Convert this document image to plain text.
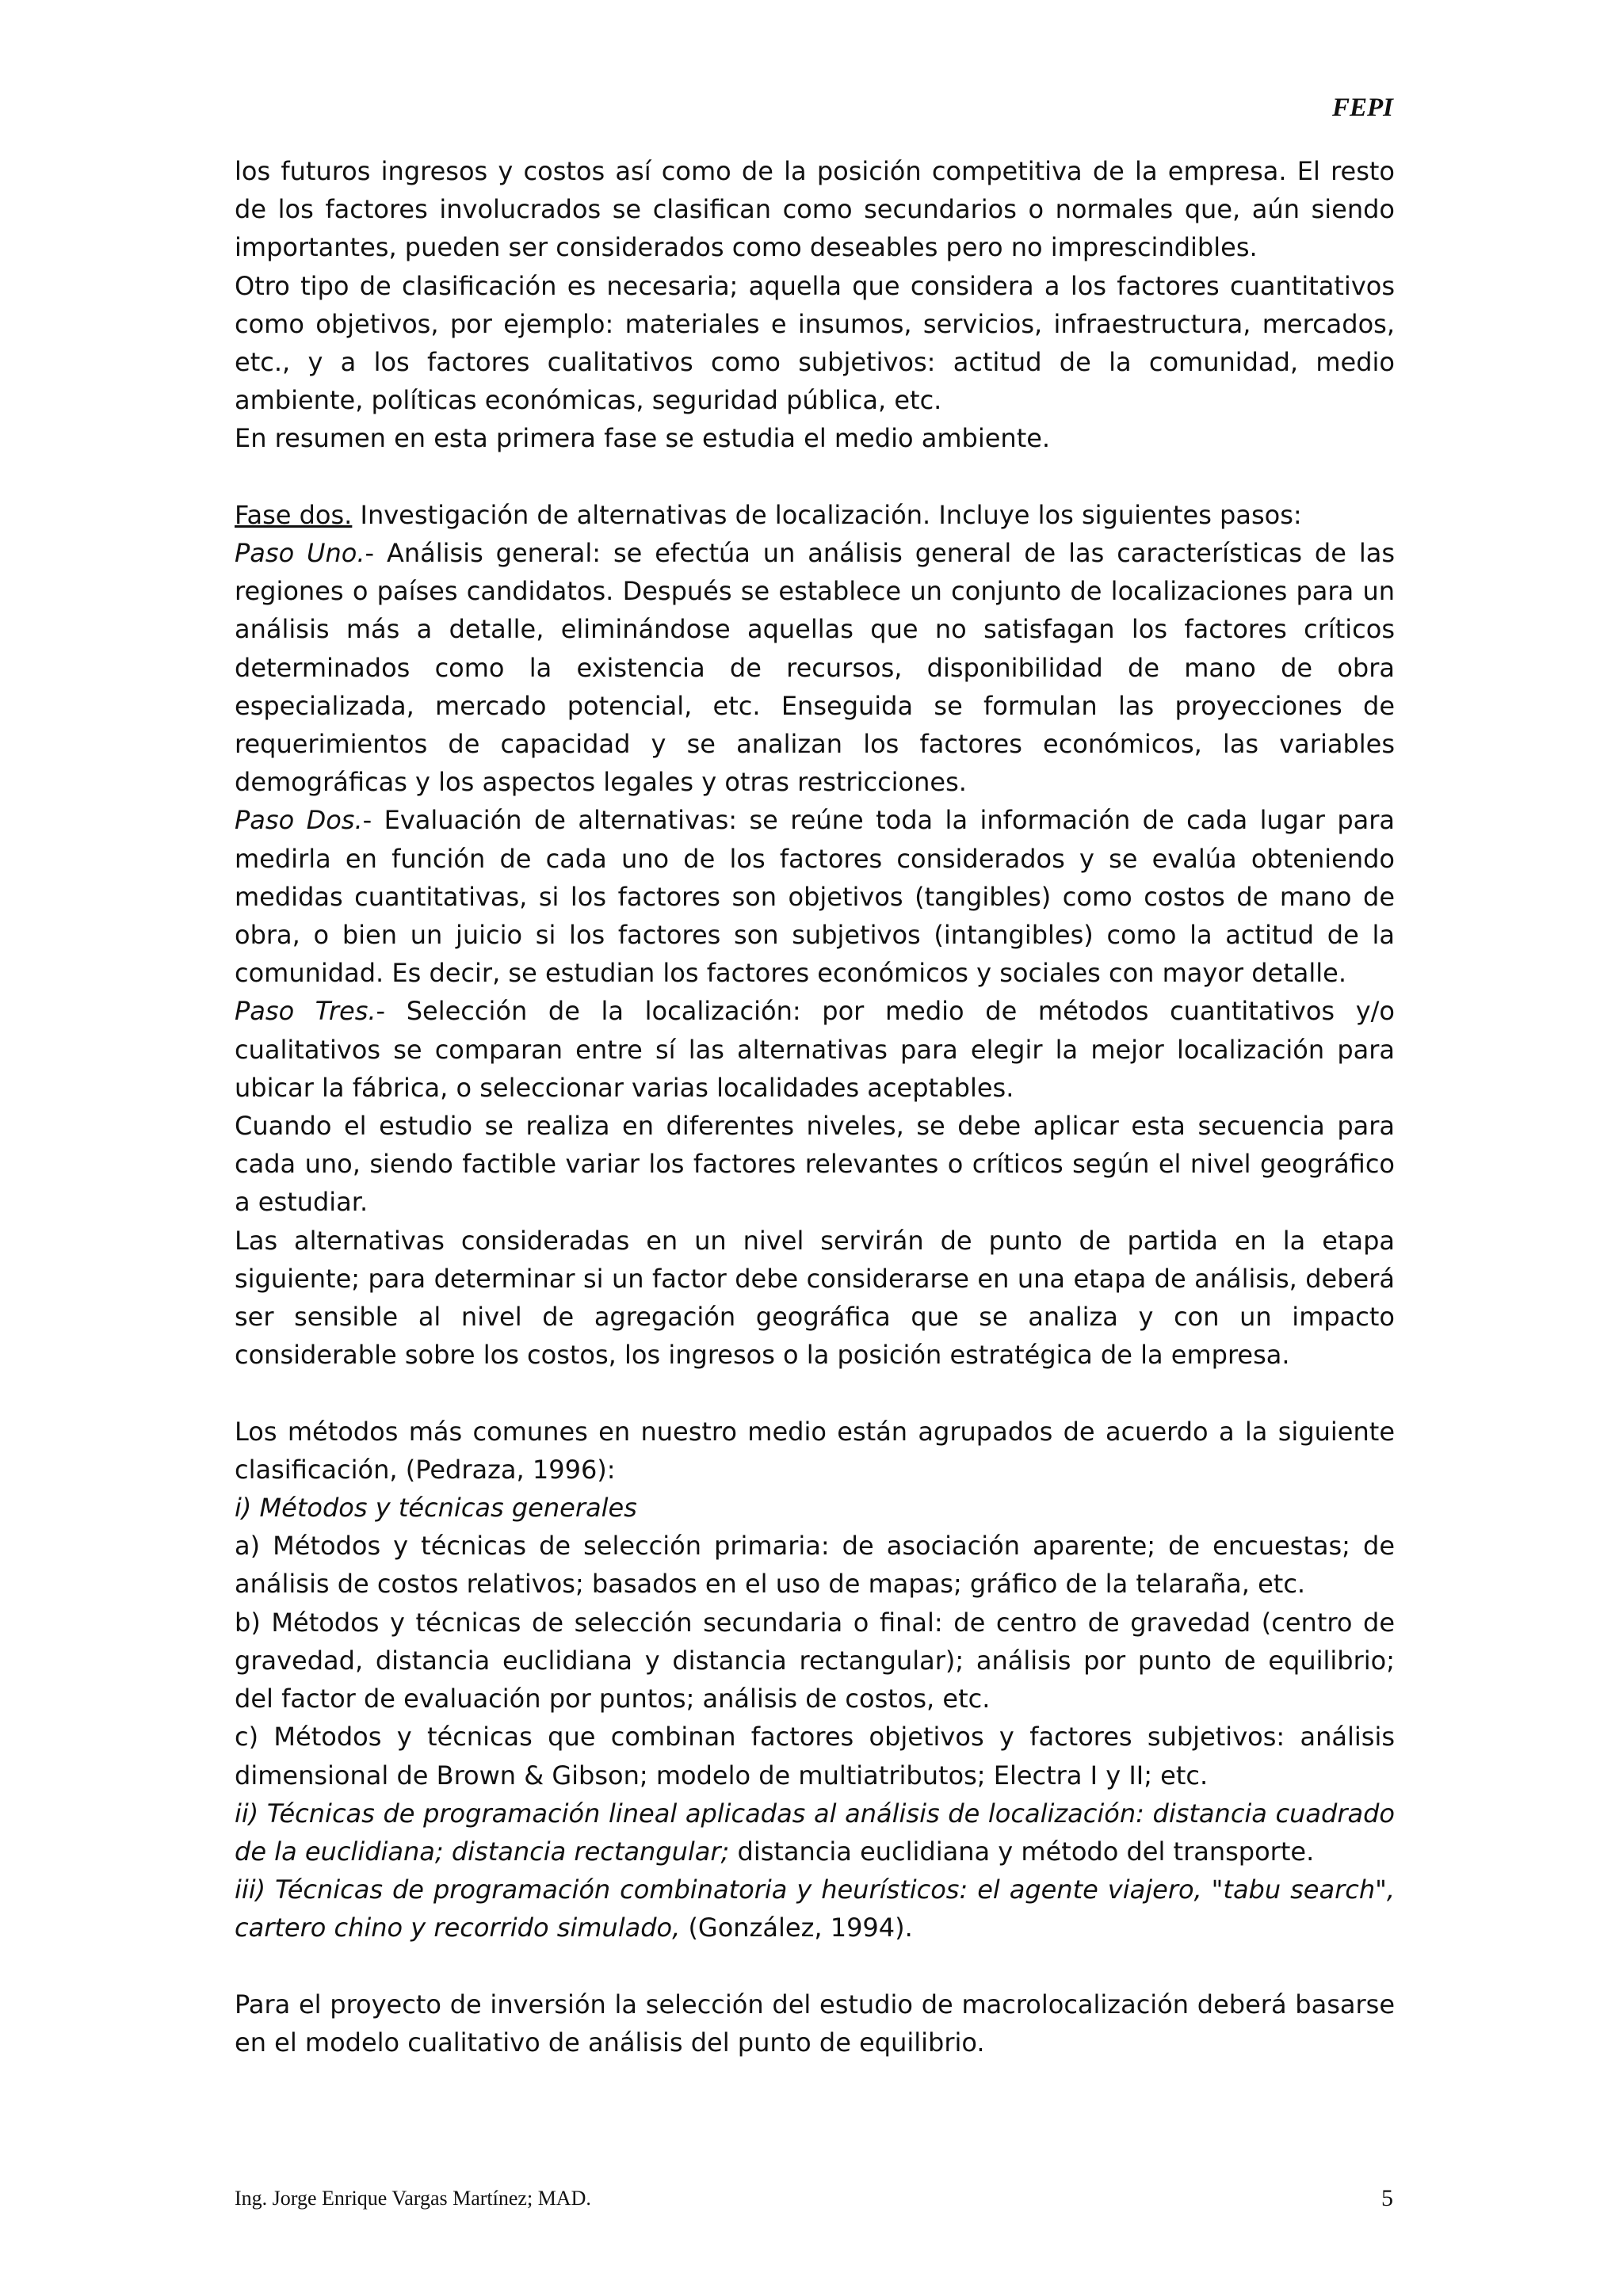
FEPI

los futuros ingresos y costos así como de la posición competitiva de la empresa. El resto de los factores involucrados se clasifican como secundarios o normales que, aún siendo importantes, pueden ser considerados como deseables pero no imprescindibles.

Otro tipo de clasificación es necesaria; aquella que considera a los factores cuantitativos como objetivos, por ejemplo: materiales e insumos, servicios, infraestructura, mercados, etc., y a los factores cualitativos como subjetivos: actitud de la comunidad, medio ambiente, políticas económicas, seguridad pública, etc.

En resumen en esta primera fase se estudia el medio ambiente.

Fase dos. Investigación de alternativas de localización. Incluye los siguientes pasos:

Paso Uno.- Análisis general: se efectúa un análisis general de las características de las regiones o países candidatos. Después se establece un conjunto de localizaciones para un análisis más a detalle, eliminándose aquellas que no satisfagan los factores críticos determinados como la existencia de recursos, disponibilidad de mano de obra especializada, mercado potencial, etc. Enseguida se formulan las proyecciones de requerimientos de capacidad y se analizan los factores económicos, las variables demográficas y los aspectos legales y otras restricciones.

Paso Dos.- Evaluación de alternativas: se reúne toda la información de cada lugar para medirla en función de cada uno de los factores considerados y se evalúa obteniendo medidas cuantitativas, si los factores son objetivos (tangibles) como costos de mano de obra, o bien un juicio si los factores son subjetivos (intangibles) como la actitud de la comunidad. Es decir, se estudian los factores económicos y sociales con mayor detalle.

Paso Tres.- Selección de la localización: por medio de métodos cuantitativos y/o cualitativos se comparan entre sí las alternativas para elegir la mejor localización para ubicar la fábrica, o seleccionar varias localidades aceptables.

Cuando el estudio se realiza en diferentes niveles, se debe aplicar esta secuencia para cada uno, siendo factible variar los factores relevantes o críticos según el nivel geográfico a estudiar.

Las alternativas consideradas en un nivel servirán de punto de partida en la etapa siguiente; para determinar si un factor debe considerarse en una etapa de análisis, deberá ser sensible al nivel de agregación geográfica que se analiza y con un impacto considerable sobre los costos, los ingresos o la posición estratégica de la empresa.

Los métodos más comunes en nuestro medio están agrupados de acuerdo a la siguiente clasificación, (Pedraza, 1996):

i) Métodos y técnicas generales

a) Métodos y técnicas de selección primaria: de asociación aparente; de encuestas; de análisis de costos relativos; basados en el uso de mapas; gráfico de la telaraña, etc.

b) Métodos y técnicas de selección secundaria o final: de centro de gravedad (centro de gravedad, distancia euclidiana y distancia rectangular); análisis por punto de equilibrio; del factor de evaluación por puntos; análisis de costos, etc.

c) Métodos y técnicas que combinan factores objetivos y factores subjetivos: análisis dimensional de Brown & Gibson; modelo de multiatributos; Electra I y II; etc.

ii) Técnicas de programación lineal aplicadas al análisis de localización: distancia cuadrado de la euclidiana; distancia rectangular; distancia euclidiana y método del transporte.

iii) Técnicas de programación combinatoria y heurísticos: el agente viajero, "tabu search", cartero chino y recorrido simulado, (González, 1994).

Para el proyecto de inversión la selección del estudio de macrolocalización deberá basarse en el modelo cualitativo de análisis del punto de equilibrio.

Ing. Jorge Enrique Vargas Martínez; MAD.	5
